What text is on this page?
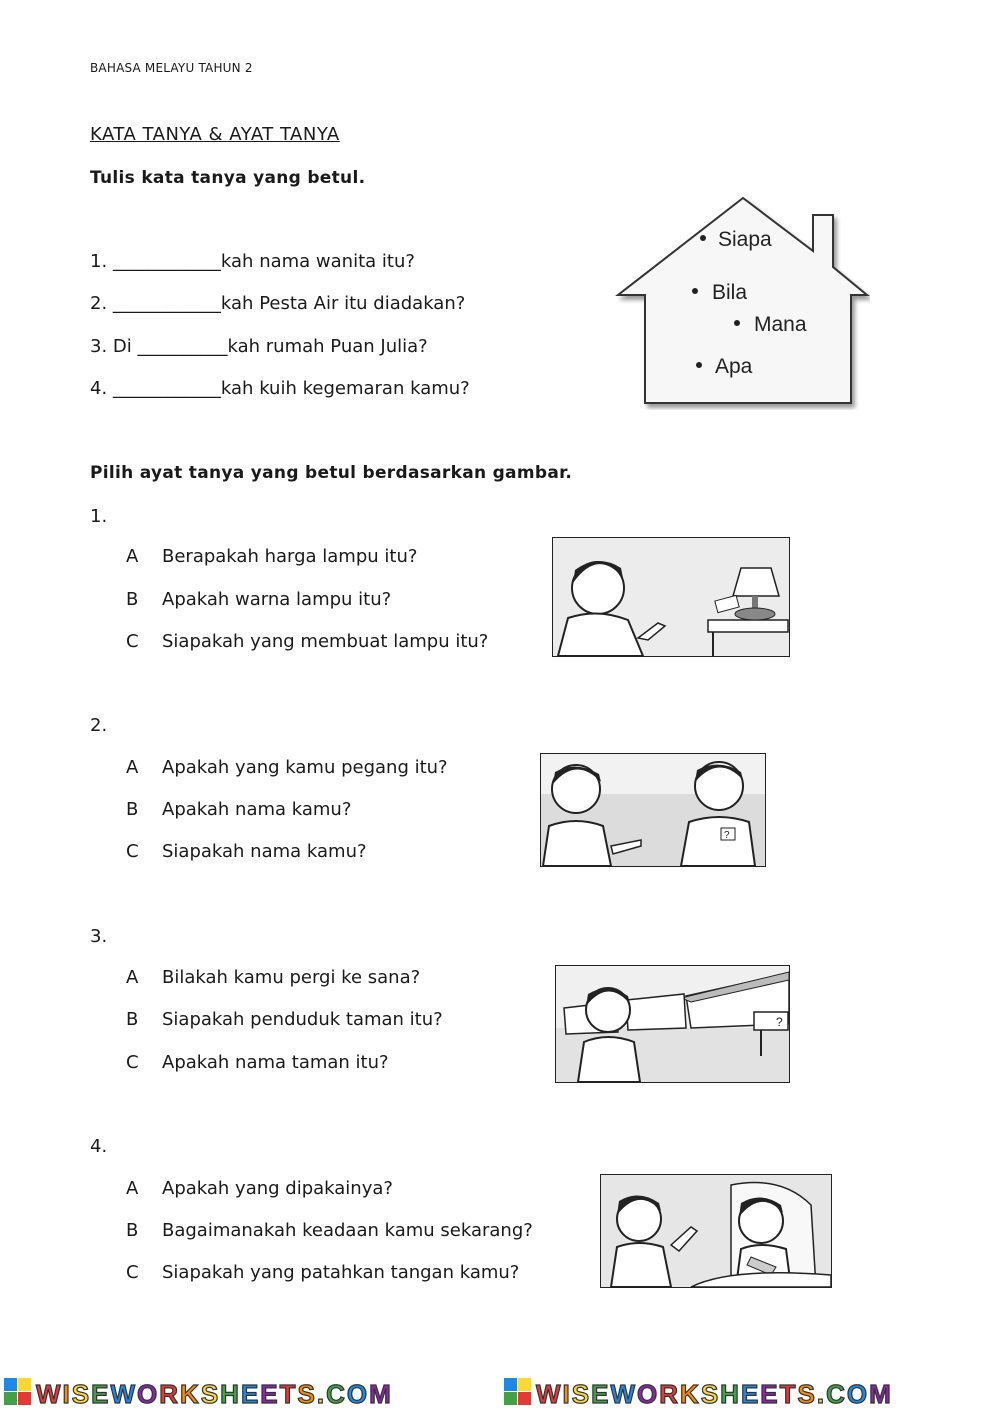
BAHASA MELAYU TAHUN 2
KATA TANYA & AYAT TANYA
Tulis kata tanya yang betul.
1. ____________kah nama wanita itu?
2. ____________kah Pesta Air itu diadakan?
3. Di __________kah rumah Puan Julia?
4. ____________kah kuih kegemaran kamu?
Siapa
Bila
Mana
Apa
Pilih ayat tanya yang betul berdasarkan gambar.
1.
A Berapakah harga lampu itu?
B Apakah warna lampu itu?
C Siapakah yang membuat lampu itu?
2.
A Apakah yang kamu pegang itu?
B Apakah nama kamu?
C Siapakah nama kamu?
?
3.
A Bilakah kamu pergi ke sana?
B Siapakah penduduk taman itu?
C Apakah nama taman itu?
?
4.
A Apakah yang dipakainya?
B Bagaimanakah keadaan kamu sekarang?
C Siapakah yang patahkan tangan kamu?
WISEWORKSHEETS.COM	WISEWORKSHEETS.COM
